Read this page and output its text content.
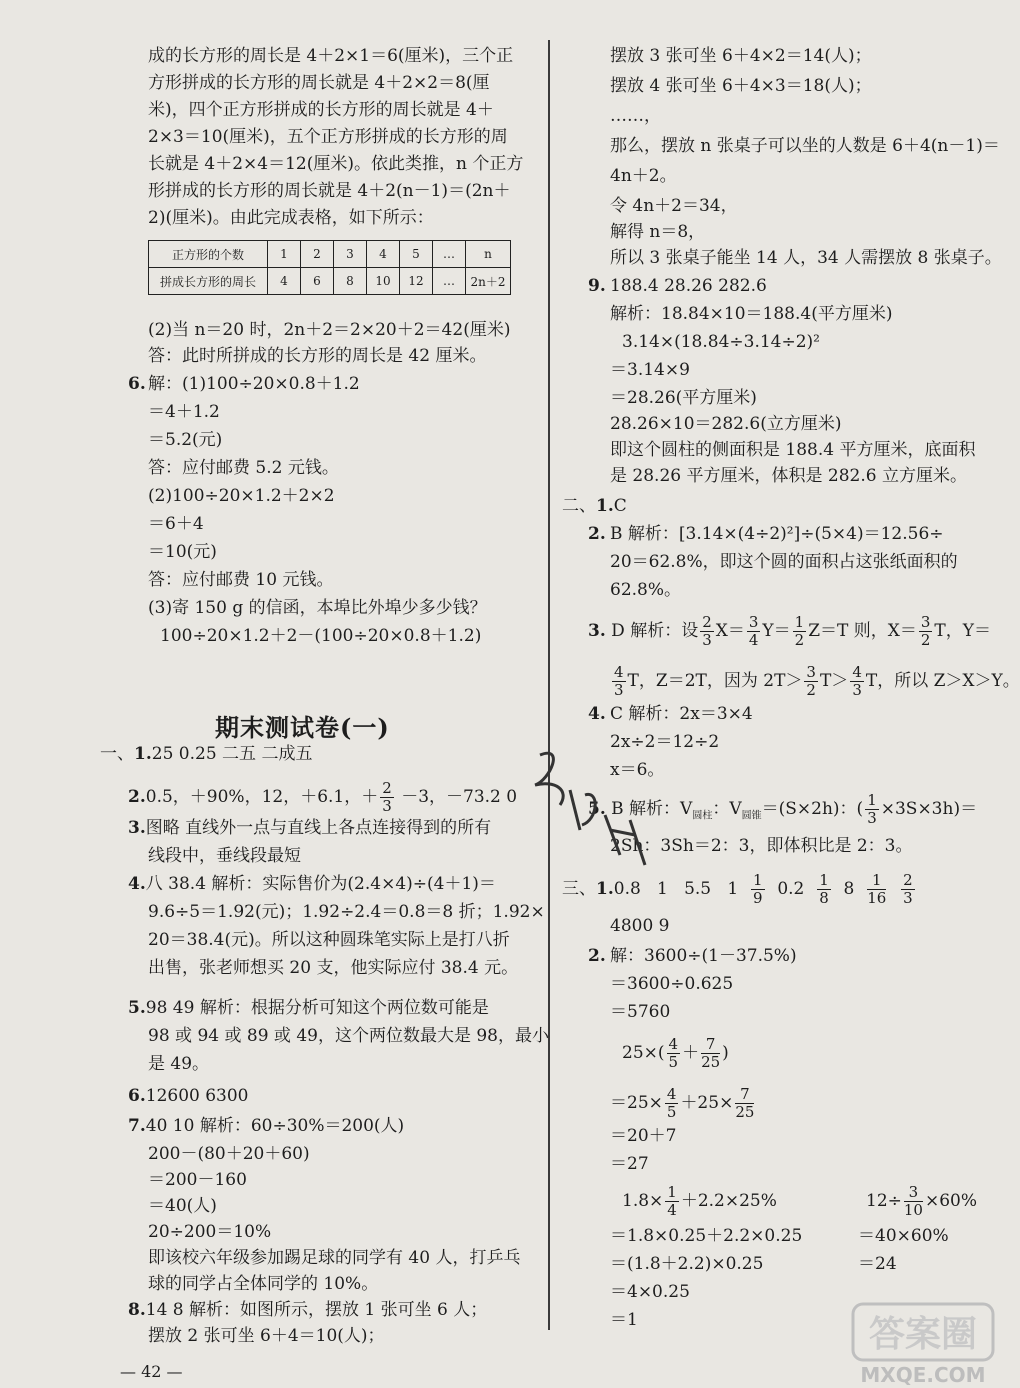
成的长方形的周长是 4＋2×1＝6(厘米)，三个正
方形拼成的长方形的周长就是 4＋2×2＝8(厘
米)，四个正方形拼成的长方形的周长就是 4＋
2×3＝10(厘米)，五个正方形拼成的长方形的周
长就是 4＋2×4＝12(厘米)。依此类推，n 个正方
形拼成的长方形的周长就是 4＋2(n－1)＝(2n＋
2)(厘米)。由此完成表格，如下所示：
正方形的个数	1	2	3	4	5	…	n
拼成长方形的周长	4	6	8	10	12	…	2n＋2
(2)当 n＝20 时，2n＋2＝2×20＋2＝42(厘米)
答：此时所拼成的长方形的周长是 42 厘米。
6. 解：(1)100÷20×0.8＋1.2
＝4＋1.2
＝5.2(元)
答：应付邮费 5.2 元钱。
(2)100÷20×1.2＋2×2
＝6＋4
＝10(元)
答：应付邮费 10 元钱。
(3)寄 150 g 的信函，本埠比外埠少多少钱？
100÷20×1.2＋2－(100÷20×0.8＋1.2)
期末测试卷(一)
摆放 3 张可坐 6＋4×2＝14(人)；
摆放 4 张可坐 6＋4×3＝18(人)；
……，
那么，摆放 n 张桌子可以坐的人数是 6＋4(n－1)＝
4n＋2。
令 4n＋2＝34，
解得 n＝8，
所以 3 张桌子能坐 14 人，34 人需摆放 8 张桌子。
9. 188.4 28.26 282.6
解析：18.84×10＝188.4(平方厘米)
3.14×(18.84÷3.14÷2)²
＝3.14×9
＝28.26(平方厘米)
28.26×10＝282.6(立方厘米)
即这个圆柱的侧面积是 188.4 平方厘米，底面积
是 28.26 平方厘米，体积是 282.6 立方厘米。
二、1.C
2. B 解析：[3.14×(4÷2)²]÷(5×4)＝12.56÷
20＝62.8%，即这个圆的面积占这张纸面积的
62.8%。
3. D 解析：设 $\frac{2}{3} X= \frac{3}{4} Y= \frac{1}{2} Z=T$ 则，$X= \frac{3}{2}$ T，Y＝
$\frac{4}{3}$ T，Z＝2T，因为 $2T> \frac{3}{2} T> \frac{4}{3}$ T，所以 Z＞X＞Y。
4. C 解析：2x＝3×4
2x÷2＝12÷2
x＝6。
5. B 解析：$V_{圆柱}$：$V_{圆锥}=(S\times 2h)$：( $\frac{1}{3} \times 3S\times 3h)=$
2Sh：3Sh＝2：3，即体积比是 2：3。
三、1.0.8 1 5.5 $1 \frac{1}{9} 0.2 \frac{1}{8} 8 \frac{1}{16}$
$\frac{2}{3}$
4800 9
2. 解：3600÷(1－37.5%)
＝3600÷0.625
＝5760
$25\times( \frac{4}{5} + \frac{7}{25}$ )
$=25\times \frac{4}{5} +25\times \frac{7}{25}$
＝20＋7
＝27
$1.8\times \frac{1}{4} +2.2\times 25\%$	$12\div \frac{3}{10} \times 60\%$
＝1.8×0.25＋2.2×0.25	＝40×60%
＝(1.8＋2.2)×0.25	＝24
＝4×0.25
＝1
— 42 —
答案圈
MXQE.COM
一、1.25 0.25 二五 二成五
2.0.5，＋90%，12，＋6.1，＋ $\frac{2}{3} -3$，－73.2 0
3.图略 直线外一点与直线上各点连接得到的所有
线段中，垂线段最短
4.八 38.4 解析：实际售价为(2.4×4)÷(4＋1)＝
9.6÷5＝1.92(元)；1.92÷2.4＝0.8＝8 折；1.92×
20＝38.4(元)。所以这种圆珠笔实际上是打八折
出售，张老师想买 20 支，他实际应付 38.4 元。
5.98 49 解析：根据分析可知这个两位数可能是
98 或 94 或 89 或 49，这个两位数最大是 98，最小
是 49。
6.12600 6300
7.40 10 解析：60÷30%＝200(人)
200－(80＋20＋60)
＝200－160
＝40(人)
20÷200＝10%
即该校六年级参加踢足球的同学有 40 人，打乒乓
球的同学占全体同学的 10%。
8.14 8 解析：如图所示，摆放 1 张可坐 6 人；
摆放 2 张可坐 6＋4＝10(人)；
